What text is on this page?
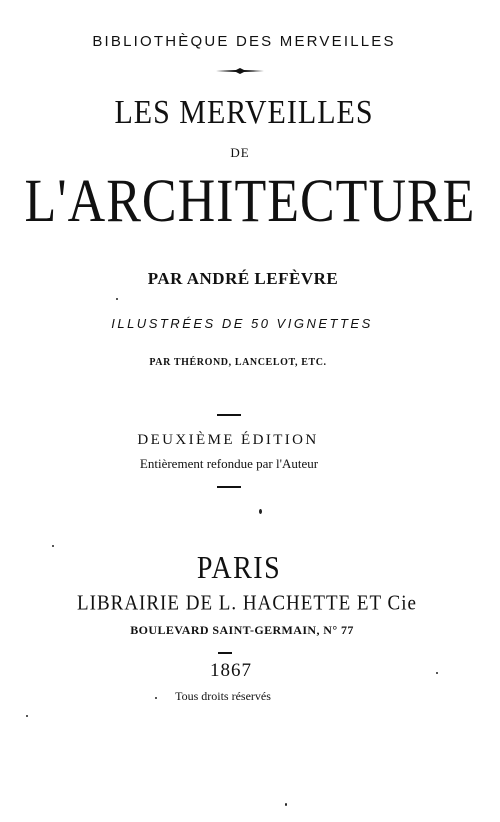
BIBLIOTHÈQUE DES MERVEILLES
LES MERVEILLES
DE
L'ARCHITECTURE
PAR ANDRÉ LEFÈVRE
ILLUSTRÉES DE 50 VIGNETTES
PAR THÉROND, LANCELOT, ETC.
DEUXIÈME ÉDITION
Entièrement refondue par l'Auteur
PARIS
LIBRAIRIE DE L. HACHETTE ET Cie
BOULEVARD SAINT-GERMAIN, N° 77
1867
Tous droits réservés
